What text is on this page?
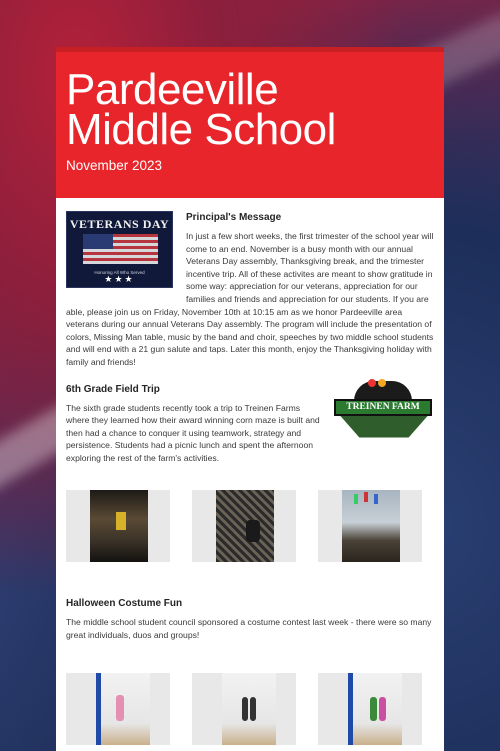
Pardeeville
Middle School
November 2023
VETERANS DAY
Honoring All Who Served
★★★
Principal's Message

In just a few short weeks, the first trimester of the school year will come to an end. November is a busy month with our annual Veterans Day assembly, Thanksgiving break, and the trimester incentive trip. All of these activites are meant to show gratitude in some way: appreciation for our veterans, appreciation for our families and friends and appreciation for our students. If you are able, please join us on Friday, November 10th at 10:15 am as we honor Pardeeville area veterans during our annual Veterans Day assembly. The program will include the presentation of colors, Missing Man table, music by the band and choir, speeches by two middle school students and will end with a 21 gun salute and taps. Later this month, enjoy the Thanksgiving holiday with family and friends!

TREINEN FARM
6th Grade Field Trip

The sixth grade students recently took a trip to Treinen Farms where they learned how their award winning corn maze is built and then had a chance to conquer it using teamwork, strategy and persistence. Students had a picnic lunch and spent the afternoon exploring the rest of the farm's activities.

Halloween Costume Fun

The middle school student council sponsored a costume contest last week - there were so many great individuals, duos and groups!
